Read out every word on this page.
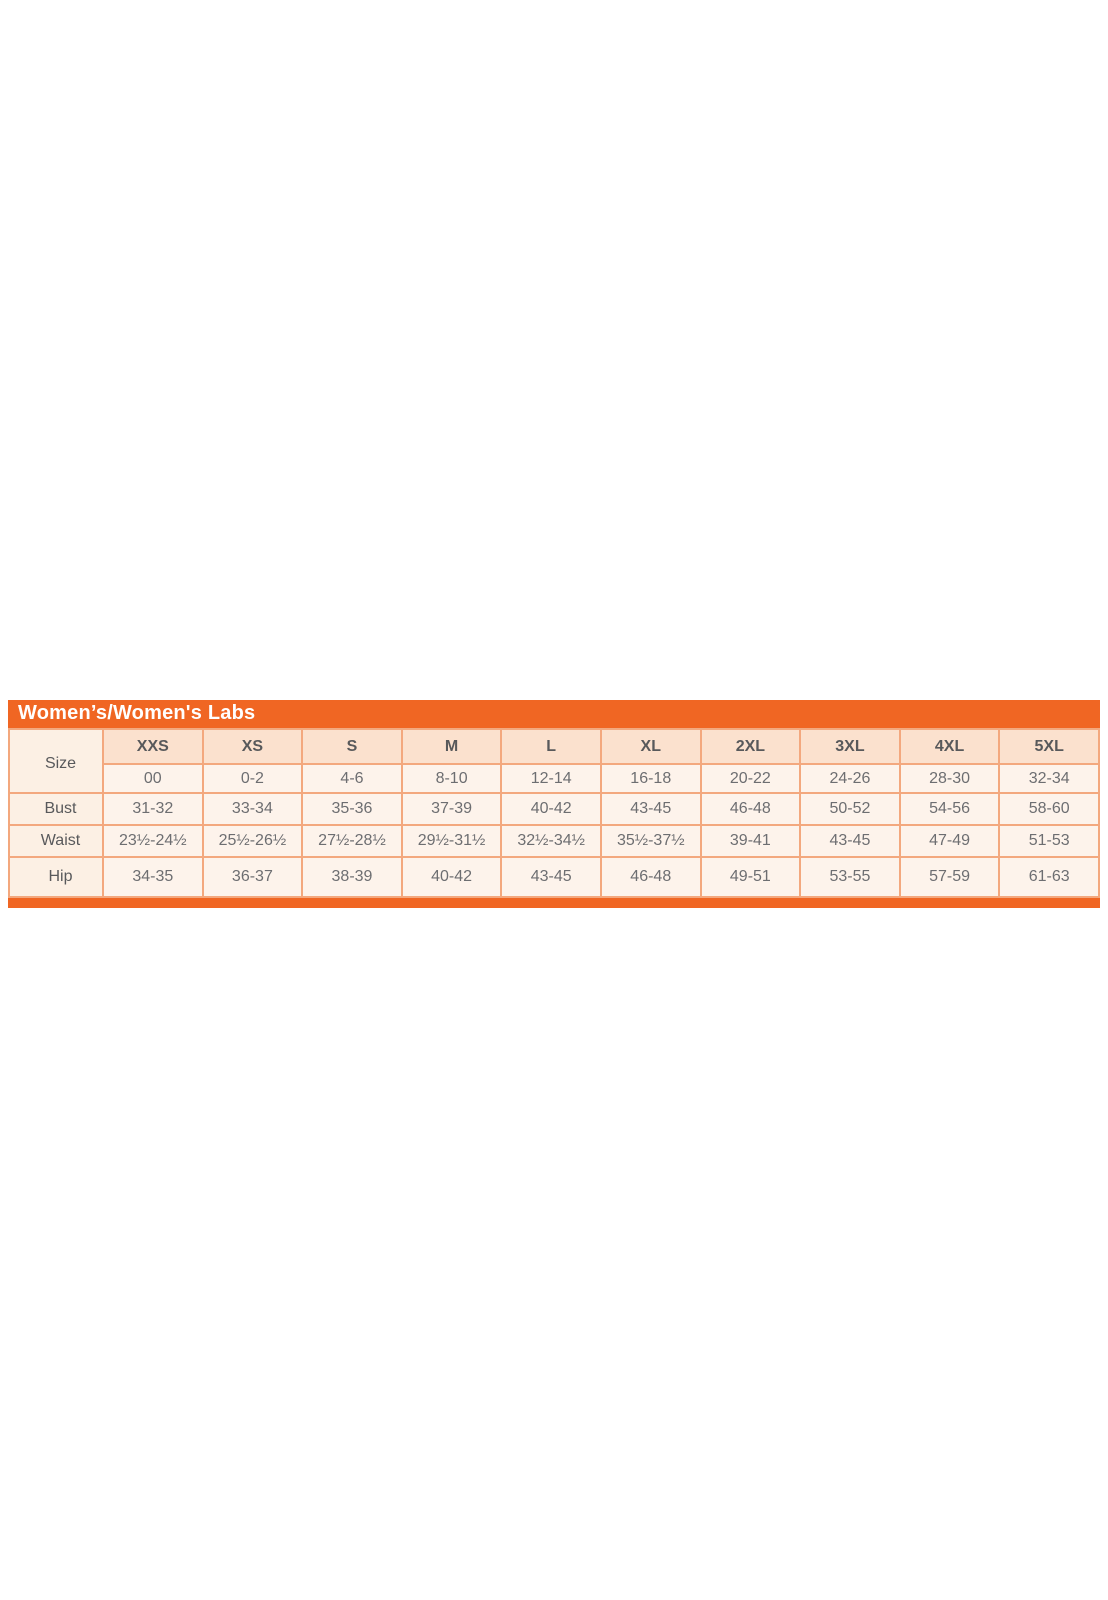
Women’s/Women's Labs
Size	XXS	XS	S	M	L	XL	2XL	3XL	4XL	5XL
	00	0-2	4-6	8-10	12-14	16-18	20-22	24-26	28-30	32-34
Bust	31-32	33-34	35-36	37-39	40-42	43-45	46-48	50-52	54-56	58-60
Waist	23½-24½	25½-26½	27½-28½	29½-31½	32½-34½	35½-37½	39-41	43-45	47-49	51-53
Hip	34-35	36-37	38-39	40-42	43-45	46-48	49-51	53-55	57-59	61-63
